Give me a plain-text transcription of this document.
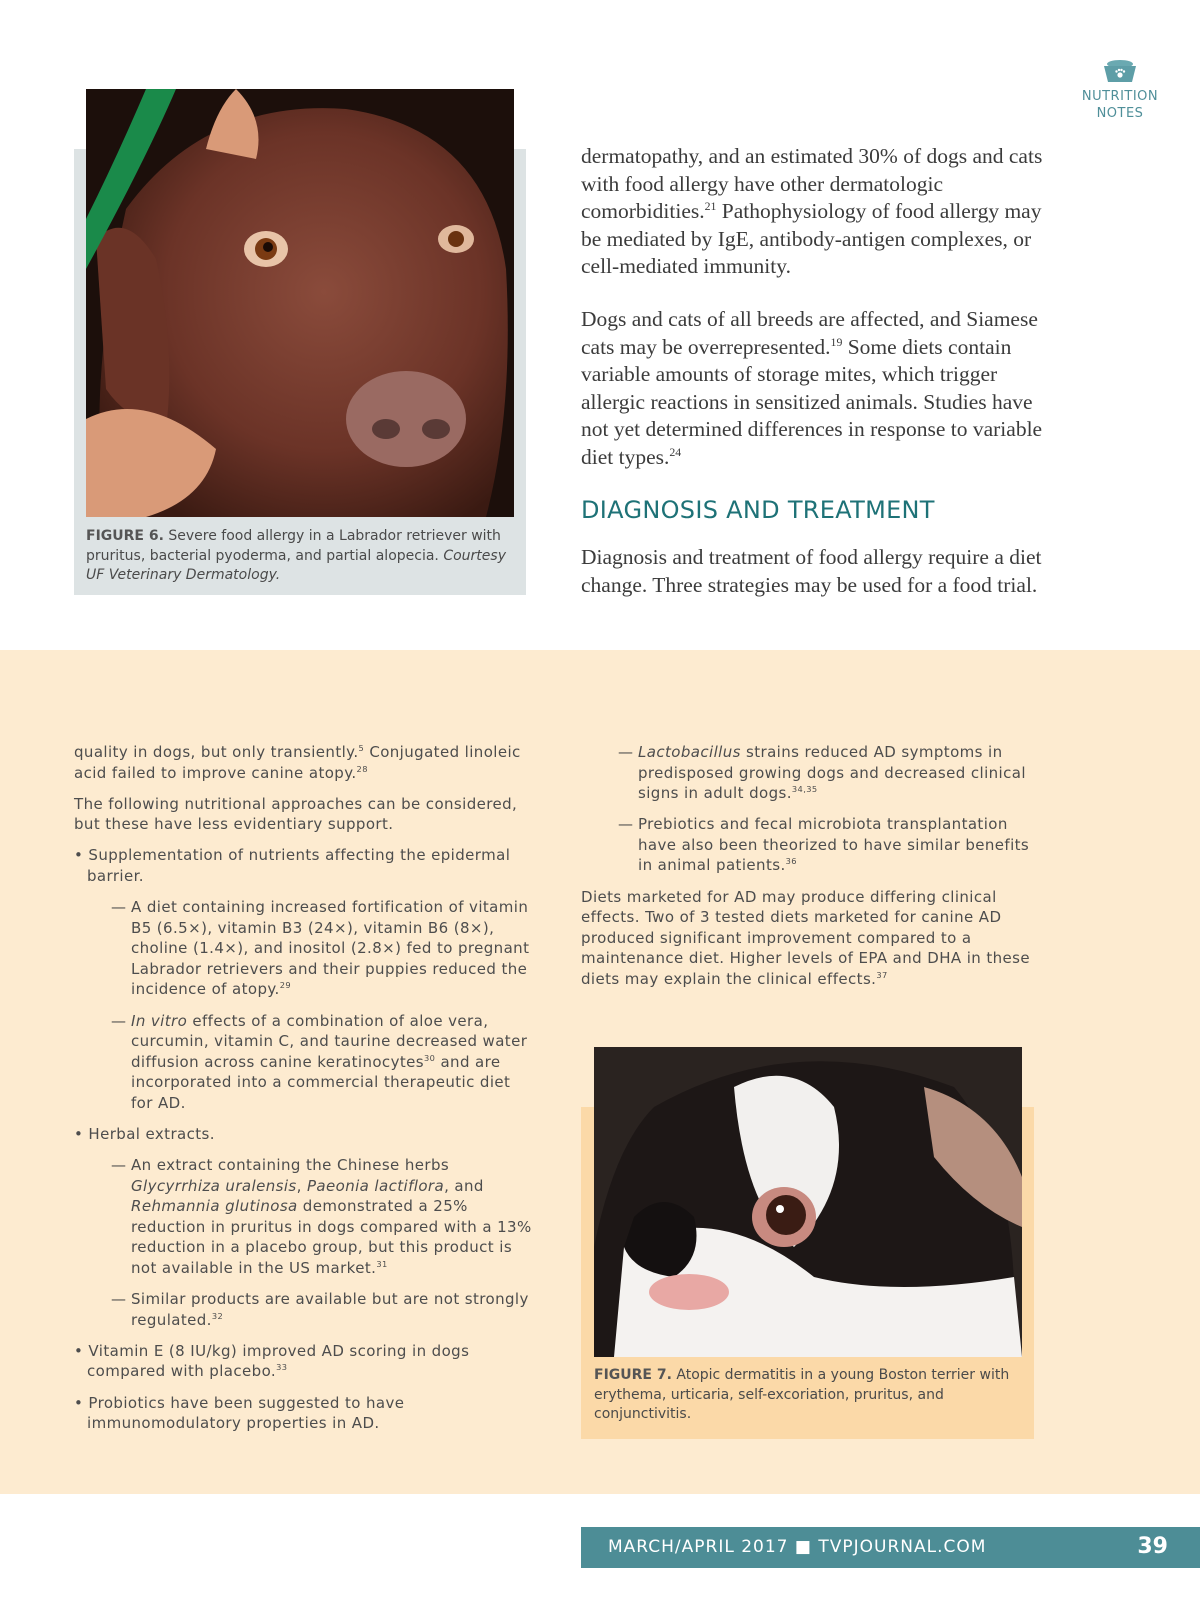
NUTRITION
NOTES
FIGURE 6. Severe food allergy in a Labrador retriever with pruritus, bacterial pyoderma, and partial alopecia. Courtesy UF Veterinary Dermatology.

dermatopathy, and an estimated 30% of dogs and cats with food allergy have other dermatologic comorbidities.$^{21}$ Pathophysiology of food allergy may be mediated by IgE, antibody-antigen complexes, or cell-mediated immunity.

Dogs and cats of all breeds are affected, and Siamese cats may be overrepresented.$^{19}$ Some diets contain variable amounts of storage mites, which trigger allergic reactions in sensitized animals. Studies have not yet determined differences in response to variable diet types.$^{24}$

DIAGNOSIS AND TREATMENT

Diagnosis and treatment of food allergy require a diet change. Three strategies may be used for a food trial.

quality in dogs, but only transiently.$^5$ Conjugated linoleic acid failed to improve canine atopy.$^{28}$

The following nutritional approaches can be considered, but these have less evidentiary support.

• Supplementation of nutrients affecting the epidermal barrier.

— A diet containing increased fortification of vitamin B5 (6.5×), vitamin B3 (24×), vitamin B6 (8×), choline (1.4×), and inositol (2.8×) fed to pregnant Labrador retrievers and their puppies reduced the incidence of atopy.$^{29}$
— In vitro effects of a combination of aloe vera, curcumin, vitamin C, and taurine decreased water diffusion across canine keratinocytes$^{30}$ and are incorporated into a commercial therapeutic diet for AD.

• Herbal extracts.

— An extract containing the Chinese herbs Glycyrrhiza uralensis, Paeonia lactiflora, and Rehmannia glutinosa demonstrated a 25% reduction in pruritus in dogs compared with a 13% reduction in a placebo group, but this product is not available in the US market.$^{31}$
— Similar products are available but are not strongly regulated.$^{32}$

• Vitamin E (8 IU/kg) improved AD scoring in dogs compared with placebo.$^{33}$

• Probiotics have been suggested to have immunomodulatory properties in AD.

— Lactobacillus strains reduced AD symptoms in predisposed growing dogs and decreased clinical signs in adult dogs.$^{34,35}$
— Prebiotics and fecal microbiota transplantation have also been theorized to have similar benefits in animal patients.$^{36}$

Diets marketed for AD may produce differing clinical effects. Two of 3 tested diets marketed for canine AD produced significant improvement compared to a maintenance diet. Higher levels of EPA and DHA in these diets may explain the clinical effects.$^{37}$

FIGURE 7. Atopic dermatitis in a young Boston terrier with erythema, urticaria, self-excoriation, pruritus, and conjunctivitis.
MARCH/APRIL 2017 ■ TVPJOURNAL.COM	39
